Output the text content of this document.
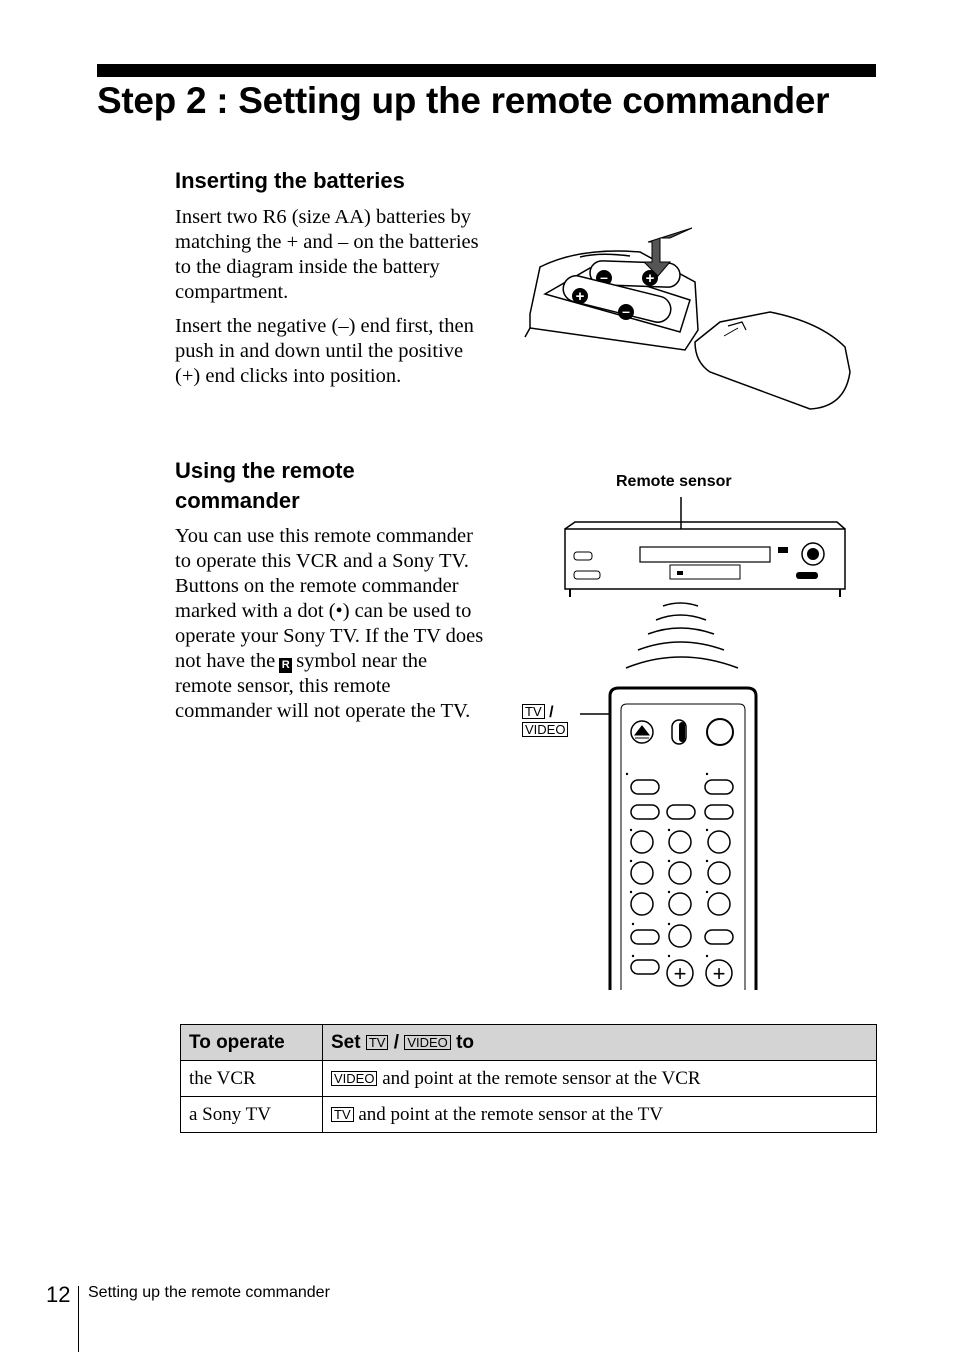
Step 2 : Setting up the remote commander
Inserting the batteries

Insert two R6 (size AA) batteries by matching the + and – on the batteries to the diagram inside the battery compartment.

Insert the negative (–) end first, then push in and down until the positive (+) end clicks into position.

–	+
+
–
Using the remote
commander

You can use this remote commander to operate this VCR and a Sony TV. Buttons on the remote commander marked with a dot (•) can be used to operate your Sony TV. If the TV does not have the R symbol near the remote sensor, this remote commander will not operate the TV.

Remote sensor
TV /
VIDEO
+ +
To operate	Set TV / VIDEO to
the VCR	VIDEO and point at the remote sensor at the VCR
a Sony TV	TV and point at the remote sensor at the TV
12 Setting up the remote commander
